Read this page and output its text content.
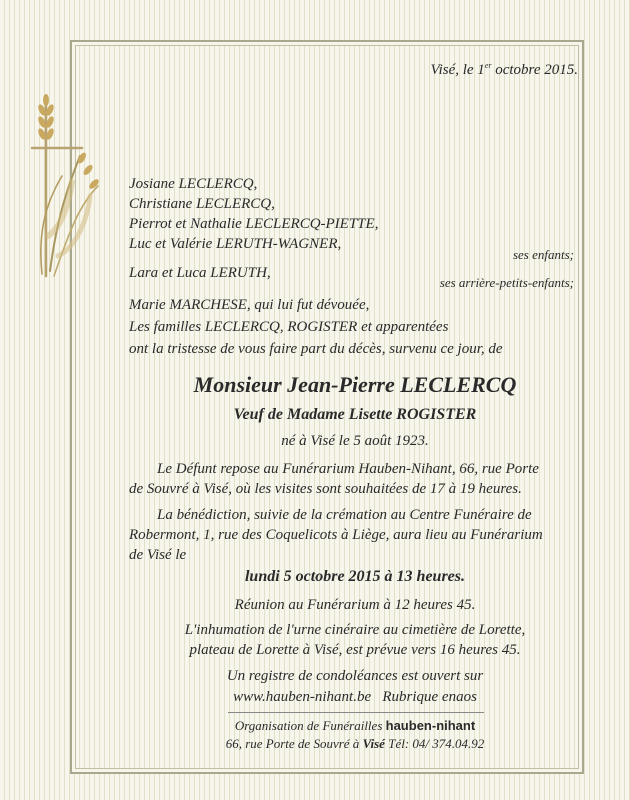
Visé, le 1er octobre 2015.
Josiane LECLERCQ,
Christiane LECLERCQ,
Pierrot et Nathalie LECLERCQ-PIETTE,
Luc et Valérie LERUTH-WAGNER,
ses enfants;
Lara et Luca LERUTH,
ses arrière-petits-enfants;
Marie MARCHESE, qui lui fut dévouée,
Les familles LECLERCQ, ROGISTER et apparentées
ont la tristesse de vous faire part du décès, survenu ce jour, de
Monsieur Jean-Pierre LECLERCQ
Veuf de Madame Lisette ROGISTER
né à Visé le 5 août 1923.
Le Défunt repose au Funérarium Hauben-Nihant, 66, rue Porte
de Souvré à Visé, où les visites sont souhaitées de 17 à 19 heures.
La bénédiction, suivie de la crémation au Centre Funéraire de
Robermont, 1, rue des Coquelicots à Liège, aura lieu au Funérarium
de Visé le
lundi 5 octobre 2015 à 13 heures.
Réunion au Funérarium à 12 heures 45.
L'inhumation de l'urne cinéraire au cimetière de Lorette,
plateau de Lorette à Visé, est prévue vers 16 heures 45.
Un registre de condoléances est ouvert sur
www.hauben-nihant.be   Rubrique enaos
Organisation de Funérailles hauben-nihant
66, rue Porte de Souvré à Visé Tél: 04/ 374.04.92
